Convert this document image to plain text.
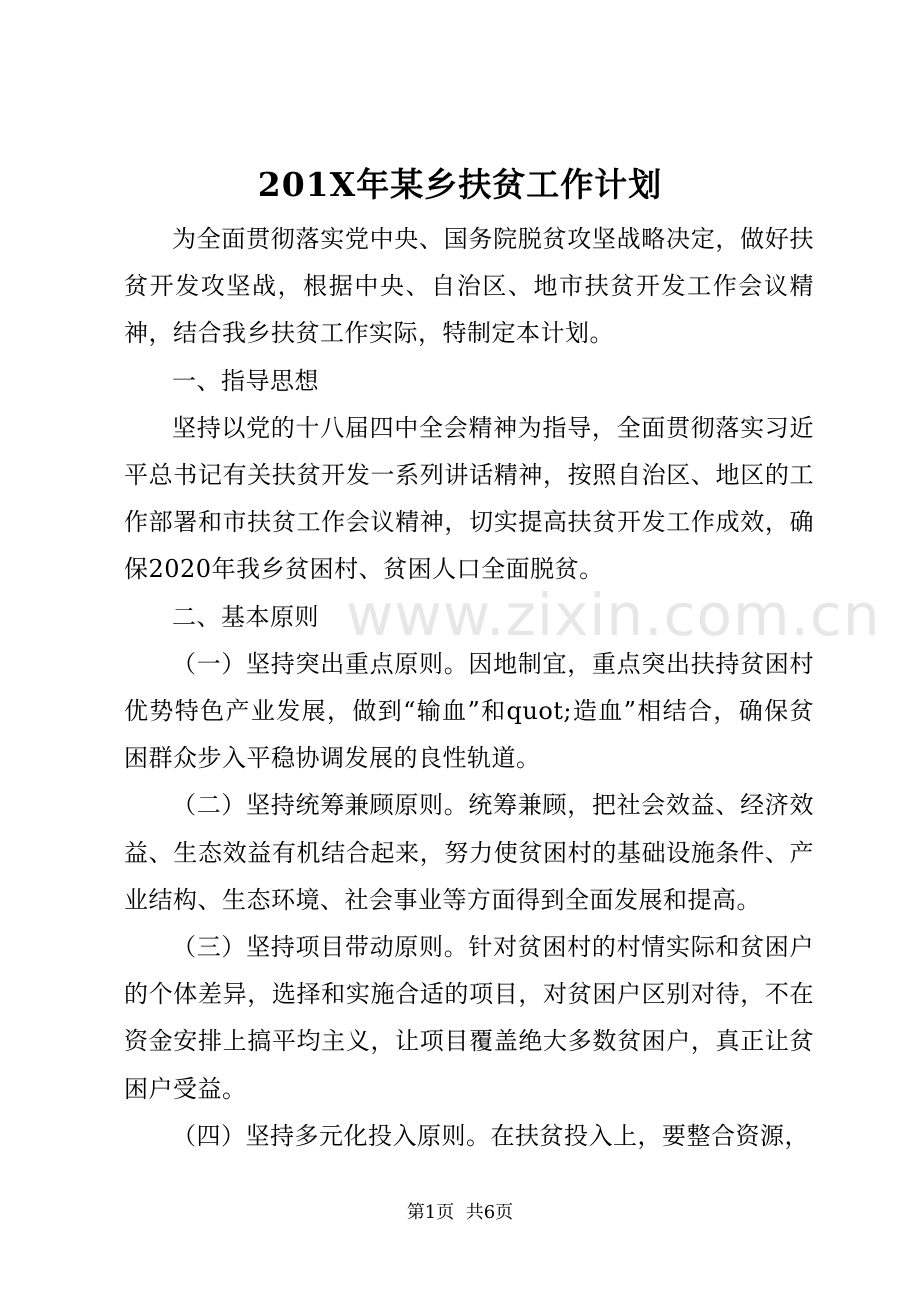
201X年某乡扶贫工作计划
www.zixin.com.cn

为全面贯彻落实党中央、国务院脱贫攻坚战略决定，做好扶贫开发攻坚战，根据中央、自治区、地市扶贫开发工作会议精神，结合我乡扶贫工作实际，特制定本计划。

一、指导思想

坚持以党的十八届四中全会精神为指导，全面贯彻落实习近平总书记有关扶贫开发一系列讲话精神，按照自治区、地区的工作部署和市扶贫工作会议精神，切实提高扶贫开发工作成效，确保2020年我乡贫困村、贫困人口全面脱贫。

二、基本原则

（一）坚持突出重点原则。因地制宜，重点突出扶持贫困村优势特色产业发展，做到“输血”和quot;造血”相结合，确保贫困群众步入平稳协调发展的良性轨道。

（二）坚持统筹兼顾原则。统筹兼顾，把社会效益、经济效益、生态效益有机结合起来，努力使贫困村的基础设施条件、产业结构、生态环境、社会事业等方面得到全面发展和提高。

（三）坚持项目带动原则。针对贫困村的村情实际和贫困户的个体差异，选择和实施合适的项目，对贫困户区别对待，不在资金安排上搞平均主义，让项目覆盖绝大多数贫困户，真正让贫困户受益。

（四）坚持多元化投入原则。在扶贫投入上，要整合资源，

第1页  共6页
